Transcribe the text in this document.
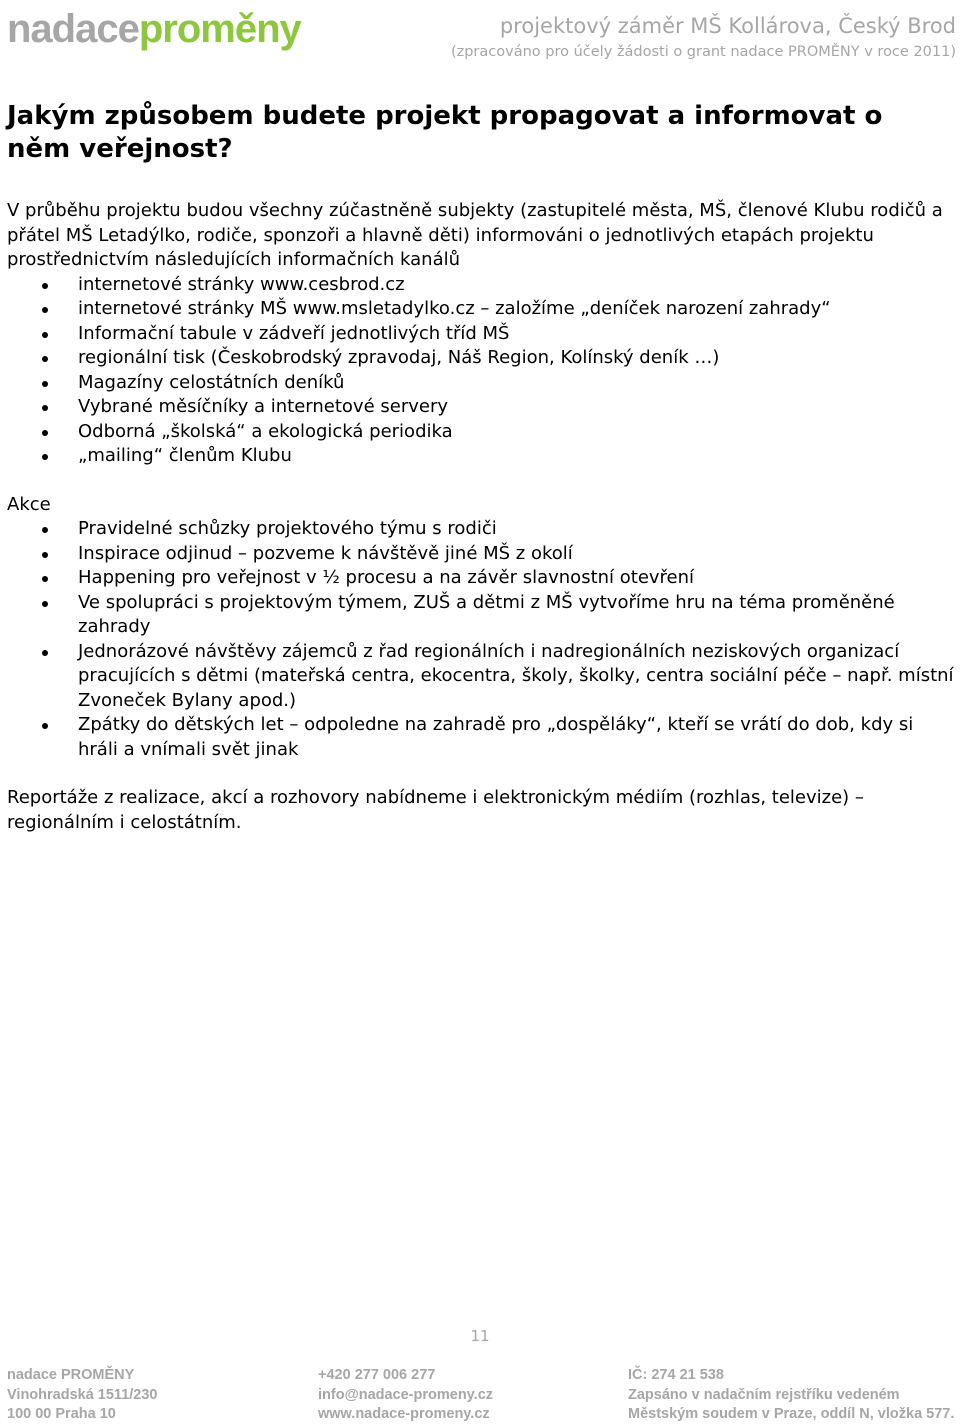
nadaceproměny	projektový záměr MŠ Kollárova, Český Brod
(zpracováno pro účely žádosti o grant nadace PROMĚNY v roce 2011)
Jakým způsobem budete projekt propagovat a informovat o něm veřejnost?

V průběhu projektu budou všechny zúčastněně subjekty (zastupitelé města, MŠ, členové Klubu rodičů a přátel MŠ Letadýlko, rodiče, sponzoři a hlavně děti) informováni o jednotlivých etapách projektu prostřednictvím následujících informačních kanálů

internetové stránky www.cesbrod.cz
internetové stránky MŠ www.msletadylko.cz – založíme „deníček narození zahrady“
Informační tabule v zádveří jednotlivých tříd MŠ
regionální tisk (Českobrodský zpravodaj, Náš Region, Kolínský deník …)
Magazíny celostátních deníků
Vybrané měsíčníky a internetové servery
Odborná „školská“ a ekologická periodika
„mailing“ členům Klubu

Akce

Pravidelné schůzky projektového týmu s rodiči
Inspirace odjinud – pozveme k návštěvě jiné MŠ z okolí
Happening pro veřejnost v ½ procesu a na závěr slavnostní otevření
Ve spolupráci s projektovým týmem, ZUŠ a dětmi z MŠ vytvoříme hru na téma proměněné zahrady
Jednorázové návštěvy zájemců z řad regionálních i nadregionálních neziskových organizací pracujících s dětmi (mateřská centra, ekocentra, školy, školky, centra sociální péče – např. místní Zvoneček Bylany apod.)
Zpátky do dětských let – odpoledne na zahradě pro „dospěláky“, kteří se vrátí do dob, kdy si hráli a vnímali svět jinak

Reportáže z realizace, akcí a rozhovory nabídneme i elektronickým médiím (rozhlas, televize) – regionálním i celostátním.

11
nadace PROMĚNY
Vinohradská 1511/230
100 00 Praha 10
+420 277 006 277
info@nadace-promeny.cz
www.nadace-promeny.cz
IČ: 274 21 538
Zapsáno v nadačním rejstříku vedeném
Městským soudem v Praze, oddíl N, vložka 577.
